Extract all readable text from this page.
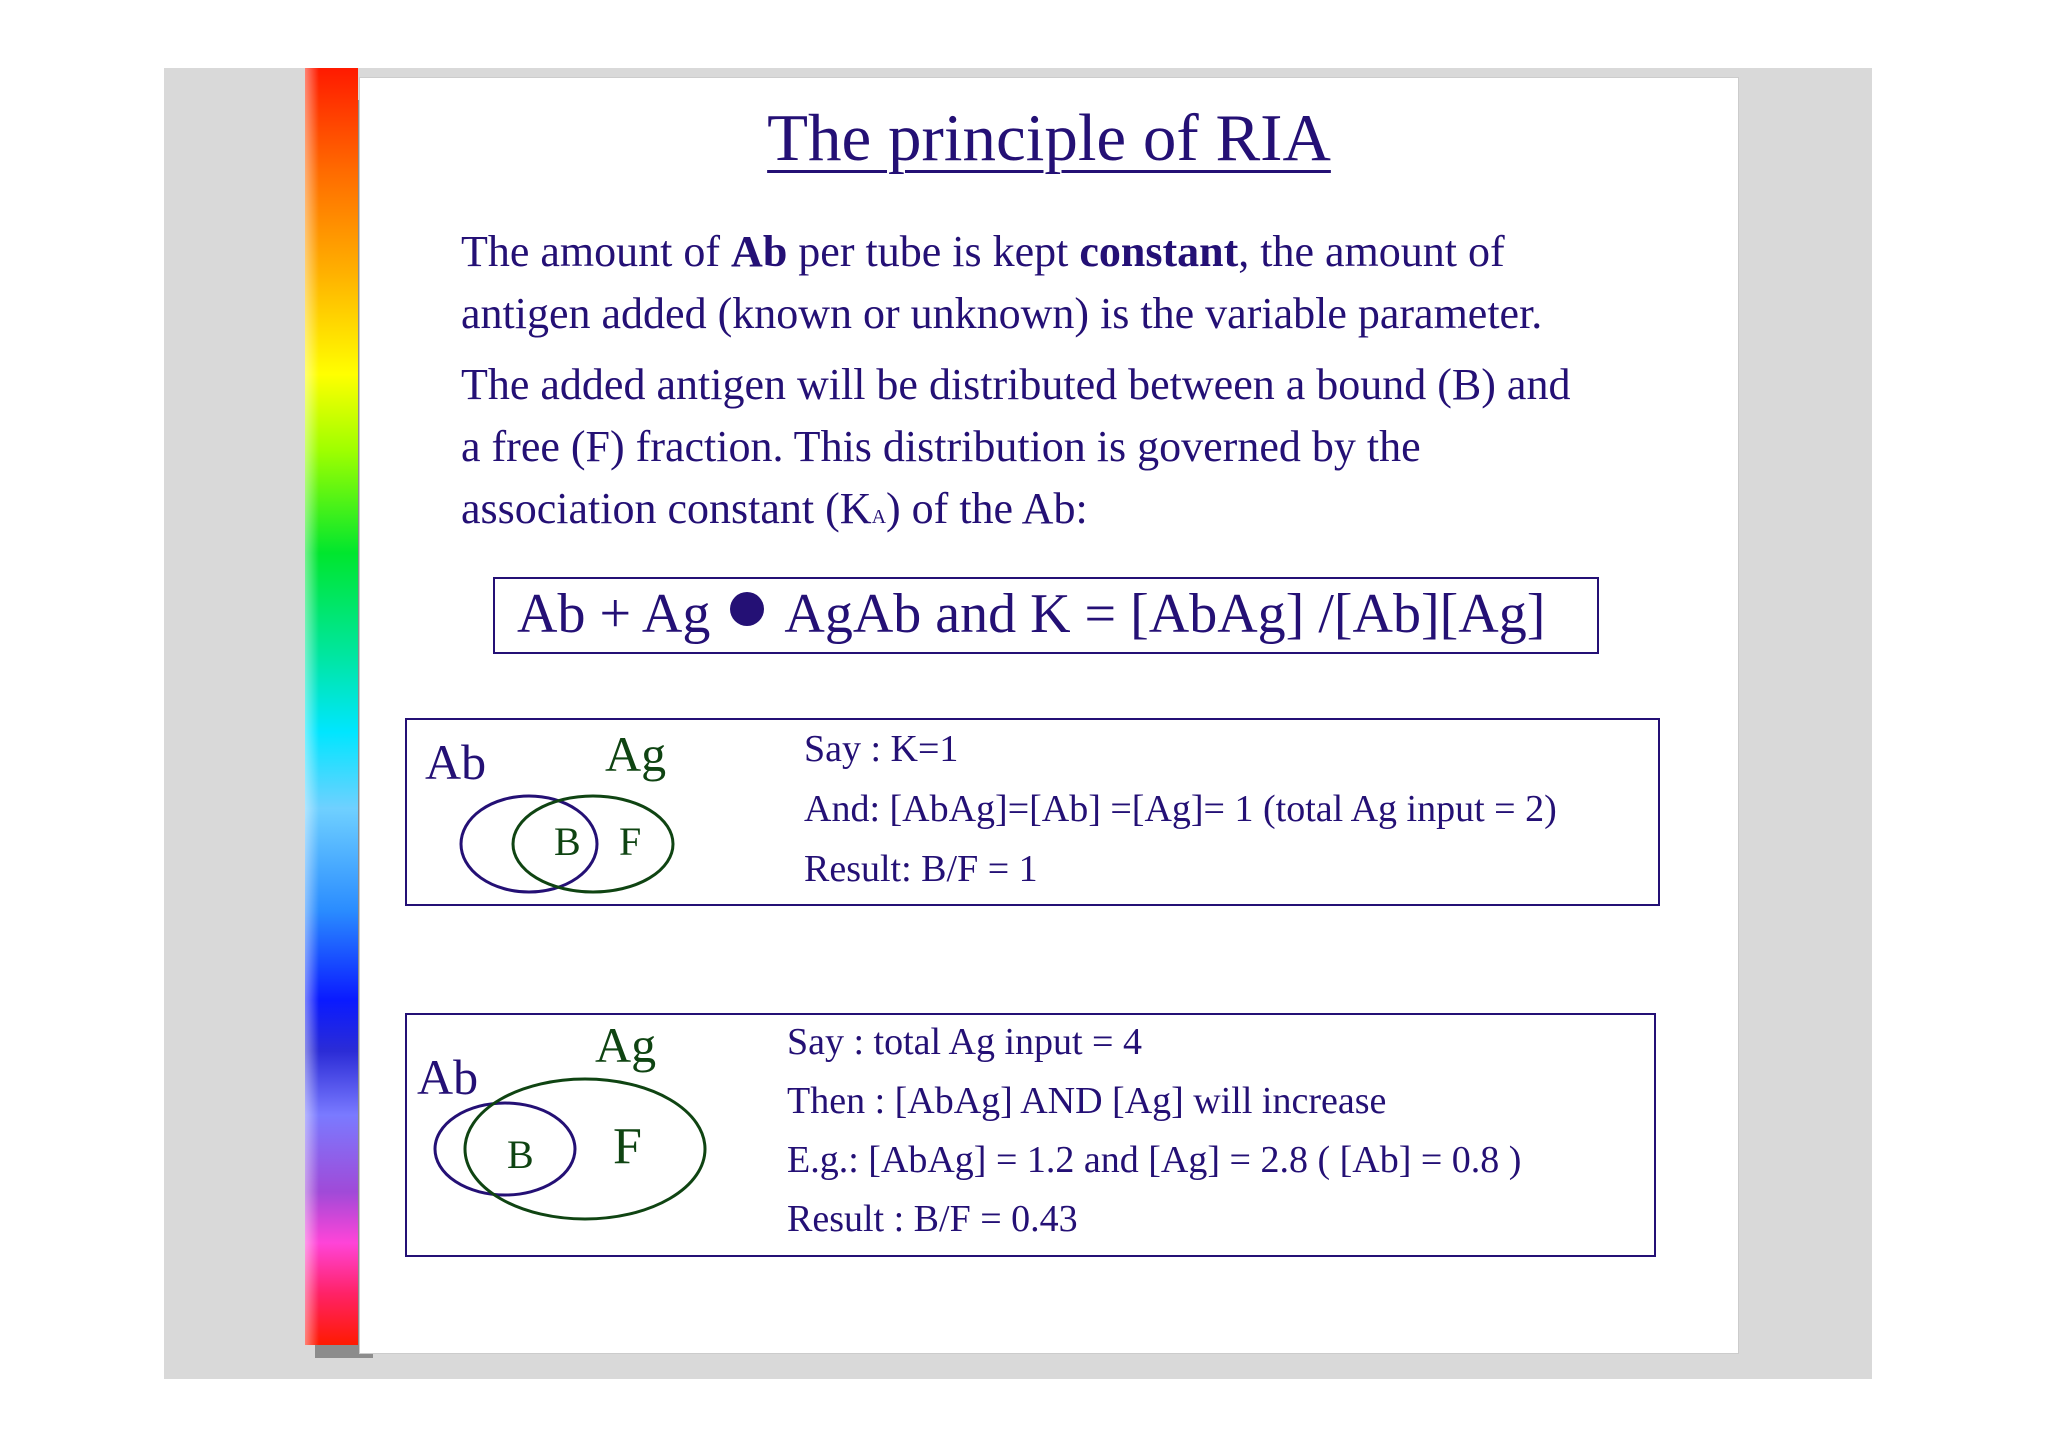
The principle of RIA
The amount of Ab per tube is kept constant, the amount of
antigen added (known or unknown) is the variable parameter.
The added antigen will be distributed between a bound (B) and
a free (F) fraction. This distribution is governed by the
association constant (KA) of the Ab:
Ab + Ag AgAb and K = [AbAg] /[Ab][Ag]
Ab Ag
B F
Say : K=1
And: [AbAg]=[Ab] =[Ag]= 1 (total Ag input = 2)
Result: B/F = 1
Ab
Ag
B F
Say : total Ag input = 4
Then : [AbAg] AND [Ag] will increase
E.g.: [AbAg] = 1.2 and [Ag] = 2.8 ( [Ab] = 0.8 )
Result : B/F = 0.43
